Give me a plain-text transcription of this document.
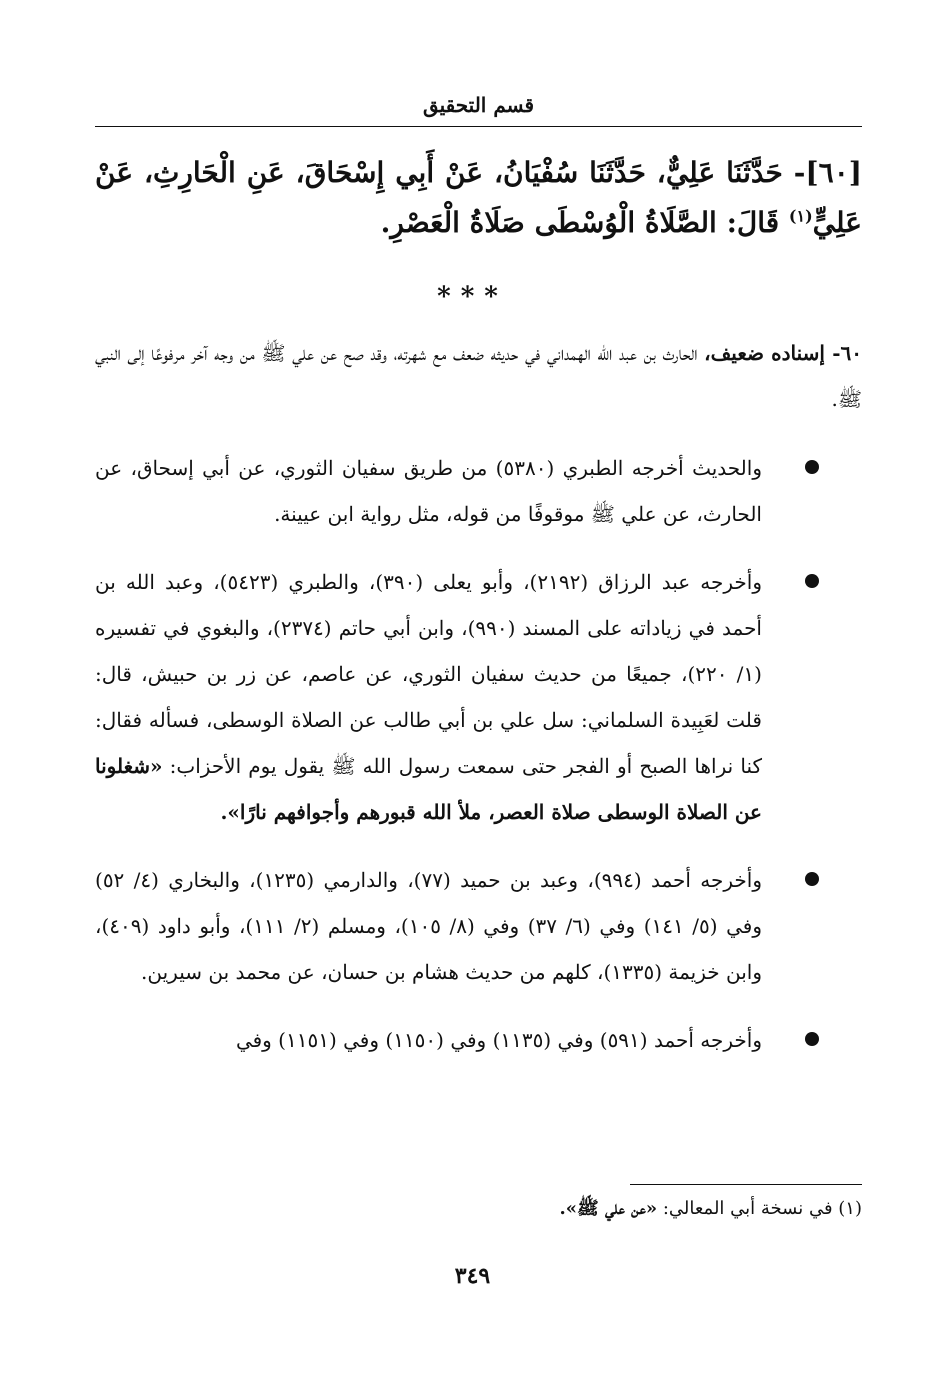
قسم التحقيق
[٦٠]- حَدَّثَنَا عَلِيٌّ، حَدَّثَنَا سُفْيَانُ، عَنْ أَبِي إِسْحَاقَ، عَنِ الْحَارِثِ، عَنْ عَلِيٍّ$^{(١)}$ قَالَ: الصَّلَاةُ الْوُسْطَى صَلَاةُ الْعَصْرِ.
***
٦٠- إسناده ضعيف، الحارث بن عبد الله الهمداني في حديثه ضعف مع شهرته، وقد صح عن علي ﷺ من وجه آخر مرفوعًا إلى النبي ﷺ.
والحديث أخرجه الطبري (٥٣٨٠) من طريق سفيان الثوري، عن أبي إسحاق، عن الحارث، عن علي ﷺ موقوفًا من قوله، مثل رواية ابن عيينة.
وأخرجه عبد الرزاق (٢١٩٢)، وأبو يعلى (٣٩٠)، والطبري (٥٤٢٣)، وعبد الله بن أحمد في زياداته على المسند (٩٩٠)، وابن أبي حاتم (٢٣٧٤)، والبغوي في تفسيره (١/ ٢٢٠)، جميعًا من حديث سفيان الثوري، عن عاصم، عن زر بن حبيش، قال: قلت لعَبِيدة السلماني: سل علي بن أبي طالب عن الصلاة الوسطى، فسأله فقال: كنا نراها الصبح أو الفجر حتى سمعت رسول الله ﷺ يقول يوم الأحزاب: «شغلونا عن الصلاة الوسطى صلاة العصر، ملأ الله قبورهم وأجوافهم نارًا».
وأخرجه أحمد (٩٩٤)، وعبد بن حميد (٧٧)، والدارمي (١٢٣٥)، والبخاري (٤/ ٥٢) وفي (٥/ ١٤١) وفي (٦/ ٣٧) وفي (٨/ ١٠٥)، ومسلم (٢/ ١١١)، وأبو داود (٤٠٩)، وابن خزيمة (١٣٣٥)، كلهم من حديث هشام بن حسان، عن محمد بن سيرين.
وأخرجه أحمد (٥٩١) وفي (١١٣٥) وفي (١١٥٠) وفي (١١٥١) وفي
(١) في نسخة أبي المعالي: «عن علي ﷺ».
٣٤٩
